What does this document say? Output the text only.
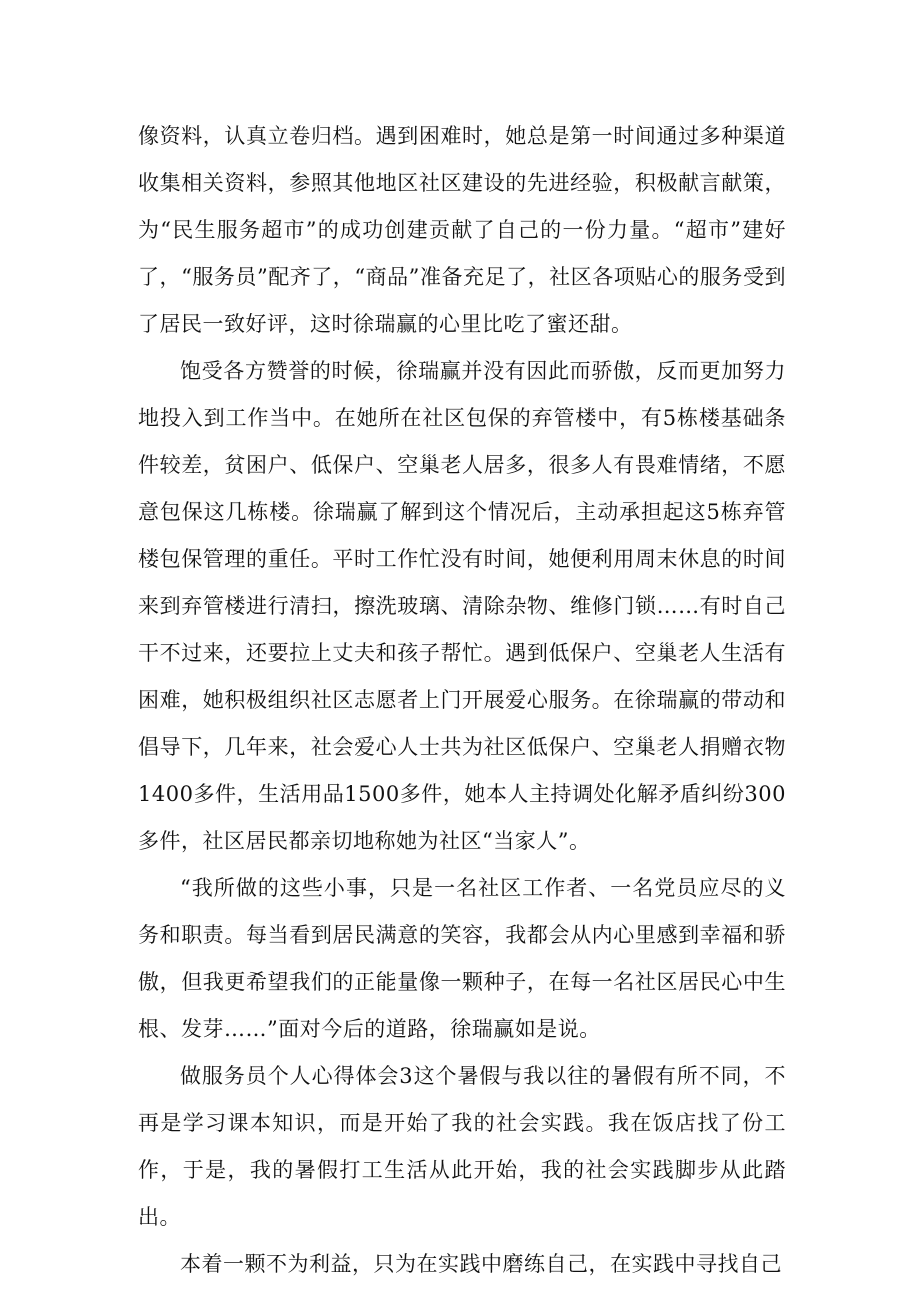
像资料，认真立卷归档。遇到困难时，她总是第一时间通过多种渠道收集相关资料，参照其他地区社区建设的先进经验，积极献言献策，为“民生服务超市”的成功创建贡献了自己的一份力量。“超市”建好了，“服务员”配齐了，“商品”准备充足了，社区各项贴心的服务受到了居民一致好评，这时徐瑞赢的心里比吃了蜜还甜。

饱受各方赞誉的时候，徐瑞赢并没有因此而骄傲，反而更加努力地投入到工作当中。在她所在社区包保的弃管楼中，有5栋楼基础条件较差，贫困户、低保户、空巢老人居多，很多人有畏难情绪，不愿意包保这几栋楼。徐瑞赢了解到这个情况后，主动承担起这5栋弃管楼包保管理的重任。平时工作忙没有时间，她便利用周末休息的时间来到弃管楼进行清扫，擦洗玻璃、清除杂物、维修门锁……有时自己干不过来，还要拉上丈夫和孩子帮忙。遇到低保户、空巢老人生活有困难，她积极组织社区志愿者上门开展爱心服务。在徐瑞赢的带动和倡导下，几年来，社会爱心人士共为社区低保户、空巢老人捐赠衣物1400多件，生活用品1500多件，她本人主持调处化解矛盾纠纷300多件，社区居民都亲切地称她为社区“当家人”。

“我所做的这些小事，只是一名社区工作者、一名党员应尽的义务和职责。每当看到居民满意的笑容，我都会从内心里感到幸福和骄傲，但我更希望我们的正能量像一颗种子，在每一名社区居民心中生根、发芽……”面对今后的道路，徐瑞赢如是说。

做服务员个人心得体会3这个暑假与我以往的暑假有所不同，不再是学习课本知识，而是开始了我的社会实践。我在饭店找了份工作，于是，我的暑假打工生活从此开始，我的社会实践脚步从此踏出。

本着一颗不为利益，只为在实践中磨练自己，在实践中寻找自己
